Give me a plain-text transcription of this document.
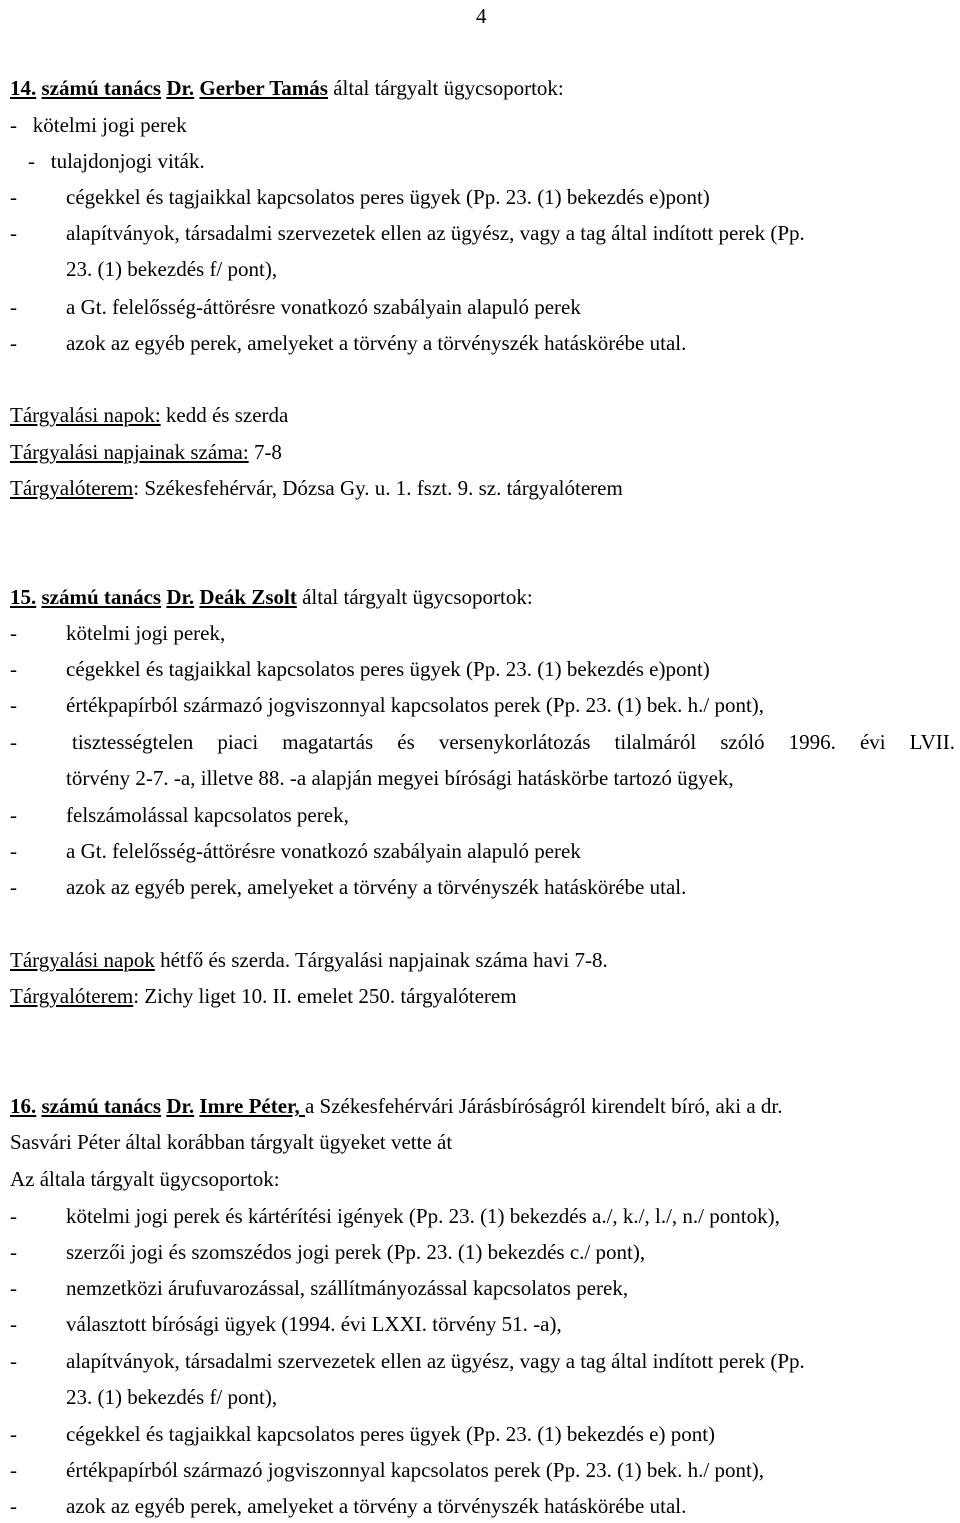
4
14. számú tanács Dr. Gerber Tamás által tárgyalt ügycsoportok:
- kötelmi jogi perek
- tulajdonjogi viták.
- cégekkel és tagjaikkal kapcsolatos peres ügyek (Pp. 23. (1) bekezdés e)pont)
- alapítványok, társadalmi szervezetek ellen az ügyész, vagy a tag által indított perek (Pp.
23. (1) bekezdés f/ pont),
- a Gt. felelősség-áttörésre vonatkozó szabályain alapuló perek
- azok az egyéb perek, amelyeket a törvény a törvényszék hatáskörébe utal.
Tárgyalási napok: kedd és szerda
Tárgyalási napjainak száma: 7-8
Tárgyalóterem: Székesfehérvár, Dózsa Gy. u. 1. fszt. 9. sz. tárgyalóterem
15. számú tanács Dr. Deák Zsolt által tárgyalt ügycsoportok:
- kötelmi jogi perek,
- cégekkel és tagjaikkal kapcsolatos peres ügyek (Pp. 23. (1) bekezdés e)pont)
- értékpapírból származó jogviszonnyal kapcsolatos perek (Pp. 23. (1) bek. h./ pont),
-	tisztességtelen piaci magatartás és versenykorlátozás tilalmáról szóló 1996. évi LVII.
törvény 2-7. -a, illetve 88. -a alapján megyei bírósági hatáskörbe tartozó ügyek,
- felszámolással kapcsolatos perek,
- a Gt. felelősség-áttörésre vonatkozó szabályain alapuló perek
- azok az egyéb perek, amelyeket a törvény a törvényszék hatáskörébe utal.
Tárgyalási napok hétfő és szerda. Tárgyalási napjainak száma havi 7-8.
Tárgyalóterem: Zichy liget 10. II. emelet 250. tárgyalóterem
16. számú tanács Dr. Imre Péter, a Székesfehérvári Járásbíróságról kirendelt bíró, aki a dr.
Sasvári Péter által korábban tárgyalt ügyeket vette át
Az általa tárgyalt ügycsoportok:
- kötelmi jogi perek és kártérítési igények (Pp. 23. (1) bekezdés a./, k./, l./, n./ pontok),
- szerzői jogi és szomszédos jogi perek (Pp. 23. (1) bekezdés c./ pont),
- nemzetközi árufuvarozással, szállítmányozással kapcsolatos perek,
- választott bírósági ügyek (1994. évi LXXI. törvény 51. -a),
- alapítványok, társadalmi szervezetek ellen az ügyész, vagy a tag által indított perek (Pp.
23. (1) bekezdés f/ pont),
- cégekkel és tagjaikkal kapcsolatos peres ügyek (Pp. 23. (1) bekezdés e) pont)
- értékpapírból származó jogviszonnyal kapcsolatos perek (Pp. 23. (1) bek. h./ pont),
- azok az egyéb perek, amelyeket a törvény a törvényszék hatáskörébe utal.
